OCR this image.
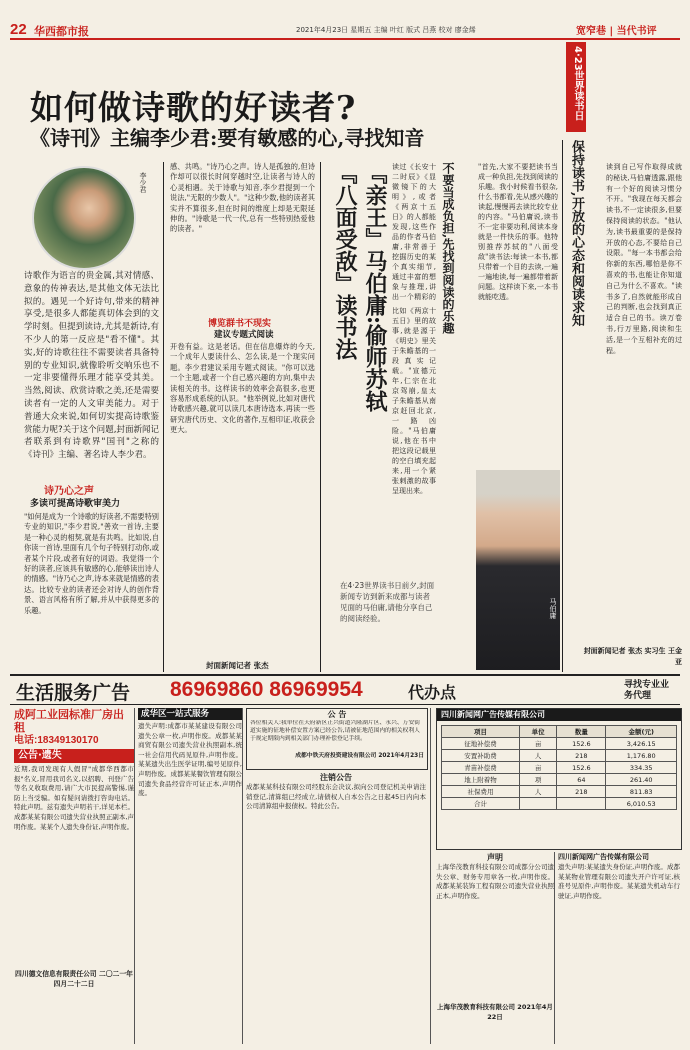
22 华西都市报	2021年4月23日 星期五 主编 叶红 版式 吕燕 校对 廖金烯	宽窄巷 | 当代书评
如何做诗歌的好读者?
《诗刊》主编李少君:要有敏感的心,寻找知音
4·23世界读书日
李少君
诗歌作为语言的贵金属,其对情感、意象的传神表达,是其他文体无法比拟的。遇见一个好诗句,带来的精神享受,是很多人都能真切体会到的文学时刻。但提到读诗,尤其是新诗,有不少人的第一反应是"看不懂"。其实,好的诗歌往往不需要读者具备特别的专业知识,就像聆听交响乐也不一定非要懂得乐理才能享受其美。当然,阅读、欣赏诗歌之美,还是需要读者有一定的人文审美能力。对于普通大众来说,如何切实提高诗歌鉴赏能力呢?关于这个问题,封面新闻记者联系到有诗歌界"国刊"之称的《诗刊》主编、著名诗人李少君。
诗乃心之声
多读可提高诗歌审美力
"如何是成为一个诗歌的好读者,不需要特别专业的知识,"李少君说,"善欢一首诗,主要是一种心灵的相契,就是有共鸣。比如说,自你读一首诗,里面有几个句子特别打动你,或者某个片段,或者有好的词语。我觉得一个好的读者,应该具有敏感的心,能够读出诗人的情感。"诗乃心之声,诗本来就是情感的表达。比较专业的读者还会对诗人的创作背景、语言风格有所了解,并从中获得更多的乐趣。
感、共鸣。"诗乃心之声。诗人是孤独的,但诗作却可以很长时间穿越时空,让读者与诗人的心灵相遇。关于诗歌与知音,李少君提到一个说法,"无限的少数人"。"这种少数,他的读者其实并不算很多,但在时间的维度上却是无限延伸的。"诗歌是一代一代,总有一些特别热爱他的读者。"
博览群书不现实
建议专题式阅读
开卷有益。这是老话。但在信息爆炸的今天,一个成年人要读什么、怎么读,是一个现实问题。李少君建议采用专题式阅读。"你可以选一个主题,或者一个自己感兴趣的方向,集中去读相关的书。这样读书的效率会高很多,也更容易形成系统的认识。"他举例说,比如对唐代诗歌感兴趣,就可以读几本唐诗选本,再读一些研究唐代历史、文化的著作,互相印证,收获会更大。
封面新闻记者 张杰
『亲王』马伯庸:偷师苏轼『八面受敌』读书法	读过《长安十二时辰》《显微镜下的大明》,或者《两京十五日》的人都能发现,这些作品的作者马伯庸,非常善于挖掘历史的某个真实细节,通过丰富的想象与推理,讲出一个精彩的
比如《两京十五日》里的故事,就是源于《明史》里关于朱瞻基的一段真实记载。"宣德元年,仁宗在北京驾崩,皇太子朱瞻基从南京赶回北京,一路凶险。"马伯庸说,他在书中把这段记载里的空白填充起来,用一个紧张刺激的故事呈现出来。
在4·23世界读书日前夕,封面新闻专访到新来成都与读者见面的马伯庸,请他分享自己的阅读经验。
不要当成负担,先找到阅读的乐趣	"首先,大家不要把读书当成一种负担,先找到阅读的乐趣。我小时候看书很杂,什么书都看,先从感兴趣的读起,慢慢再去读比较专业的内容。"马伯庸说,读书不一定非要功利,阅读本身就是一件快乐的事。他特别推荐苏轼的"八面受敌"读书法:每读一本书,都只带着一个目的去读,一遍一遍地读,每一遍都带着新问题。这样读下来,一本书就能吃透。
马伯庸
保持读书,开放的心态和阅读求知	读到自己写作取得成就的秘诀,马伯庸透露,跟他有一个好的阅读习惯分不开。"我现在每天都会读书,不一定读很多,但要保持阅读的状态。"他认为,读书最重要的是保持开放的心态,不要给自己设限。"每一本书都会给你新的东西,哪怕是你不喜欢的书,也能让你知道自己为什么不喜欢。"读书多了,自然就能形成自己的判断,也会找到真正适合自己的书。读万卷书,行万里路,阅读和生活,是一个互相补充的过程。
封面新闻记者 张杰 实习生 王金亚
生活服务广告 86969860 86969954	代办点	寻找专业业务代理
成阿工业园标准厂房出租
电话:18349130170
公告·遗失
近期,我司发现有人假冒"成都华西都市报"名义,冒用我司名义,以招聘、刊登广告等名义收取费用,请广大市民提高警惕,谨防上当受骗。如有疑问请拨打咨询电话。特此声明。兹有遗失声明若干,详见本栏。成都某某有限公司遗失营业执照正副本,声明作废。某某个人遗失身份证,声明作废。
四川德文信息有限责任公司 二〇二一年四月二十二日
成华区一站式服务
遗失声明:成都市某某建设有限公司遗失公章一枚,声明作废。成都某某商贸有限公司遗失营业执照副本,统一社会信用代码见原件,声明作废。某某遗失出生医学证明,编号见原件,声明作废。成都某某餐饮管理有限公司遗失食品经营许可证正本,声明作废。
公 告
各位相关人:我单位在天府新区正兴街道兴隆湖片区、永兴、万安街道实施的征地补偿安置方案已经公告,请被征地范围内的相关权利人于规定期限内到相关部门办理补偿登记手续。
成都中铁天府投资建设有限公司 2021年4月23日
注销公告
成都某某科技有限公司经股东会决议,拟向公司登记机关申请注销登记,清算组已经成立,请债权人自本公告之日起45日内向本公司清算组申报债权。特此公告。
四川新闻网广告传媒有限公司
项目	单位	数量	金额(元)
征地补偿费	亩	152.6	3,426.15
安置补助费	人	218	1,176.80
青苗补偿费	亩	152.6	334.35
地上附着物	项	64	261.40
社保费用	人	218	811.83
合计			6,010.53
声明
上海华茂教育科技有限公司成都分公司遗失公章、财务专用章各一枚,声明作废。成都某某装饰工程有限公司遗失营业执照正本,声明作废。
上海华茂教育科技有限公司 2021年4月22日
四川新闻网广告传媒有限公司
遗失声明:某某遗失身份证,声明作废。成都某某物业管理有限公司遗失开户许可证,核准号见原件,声明作废。某某遗失机动车行驶证,声明作废。
